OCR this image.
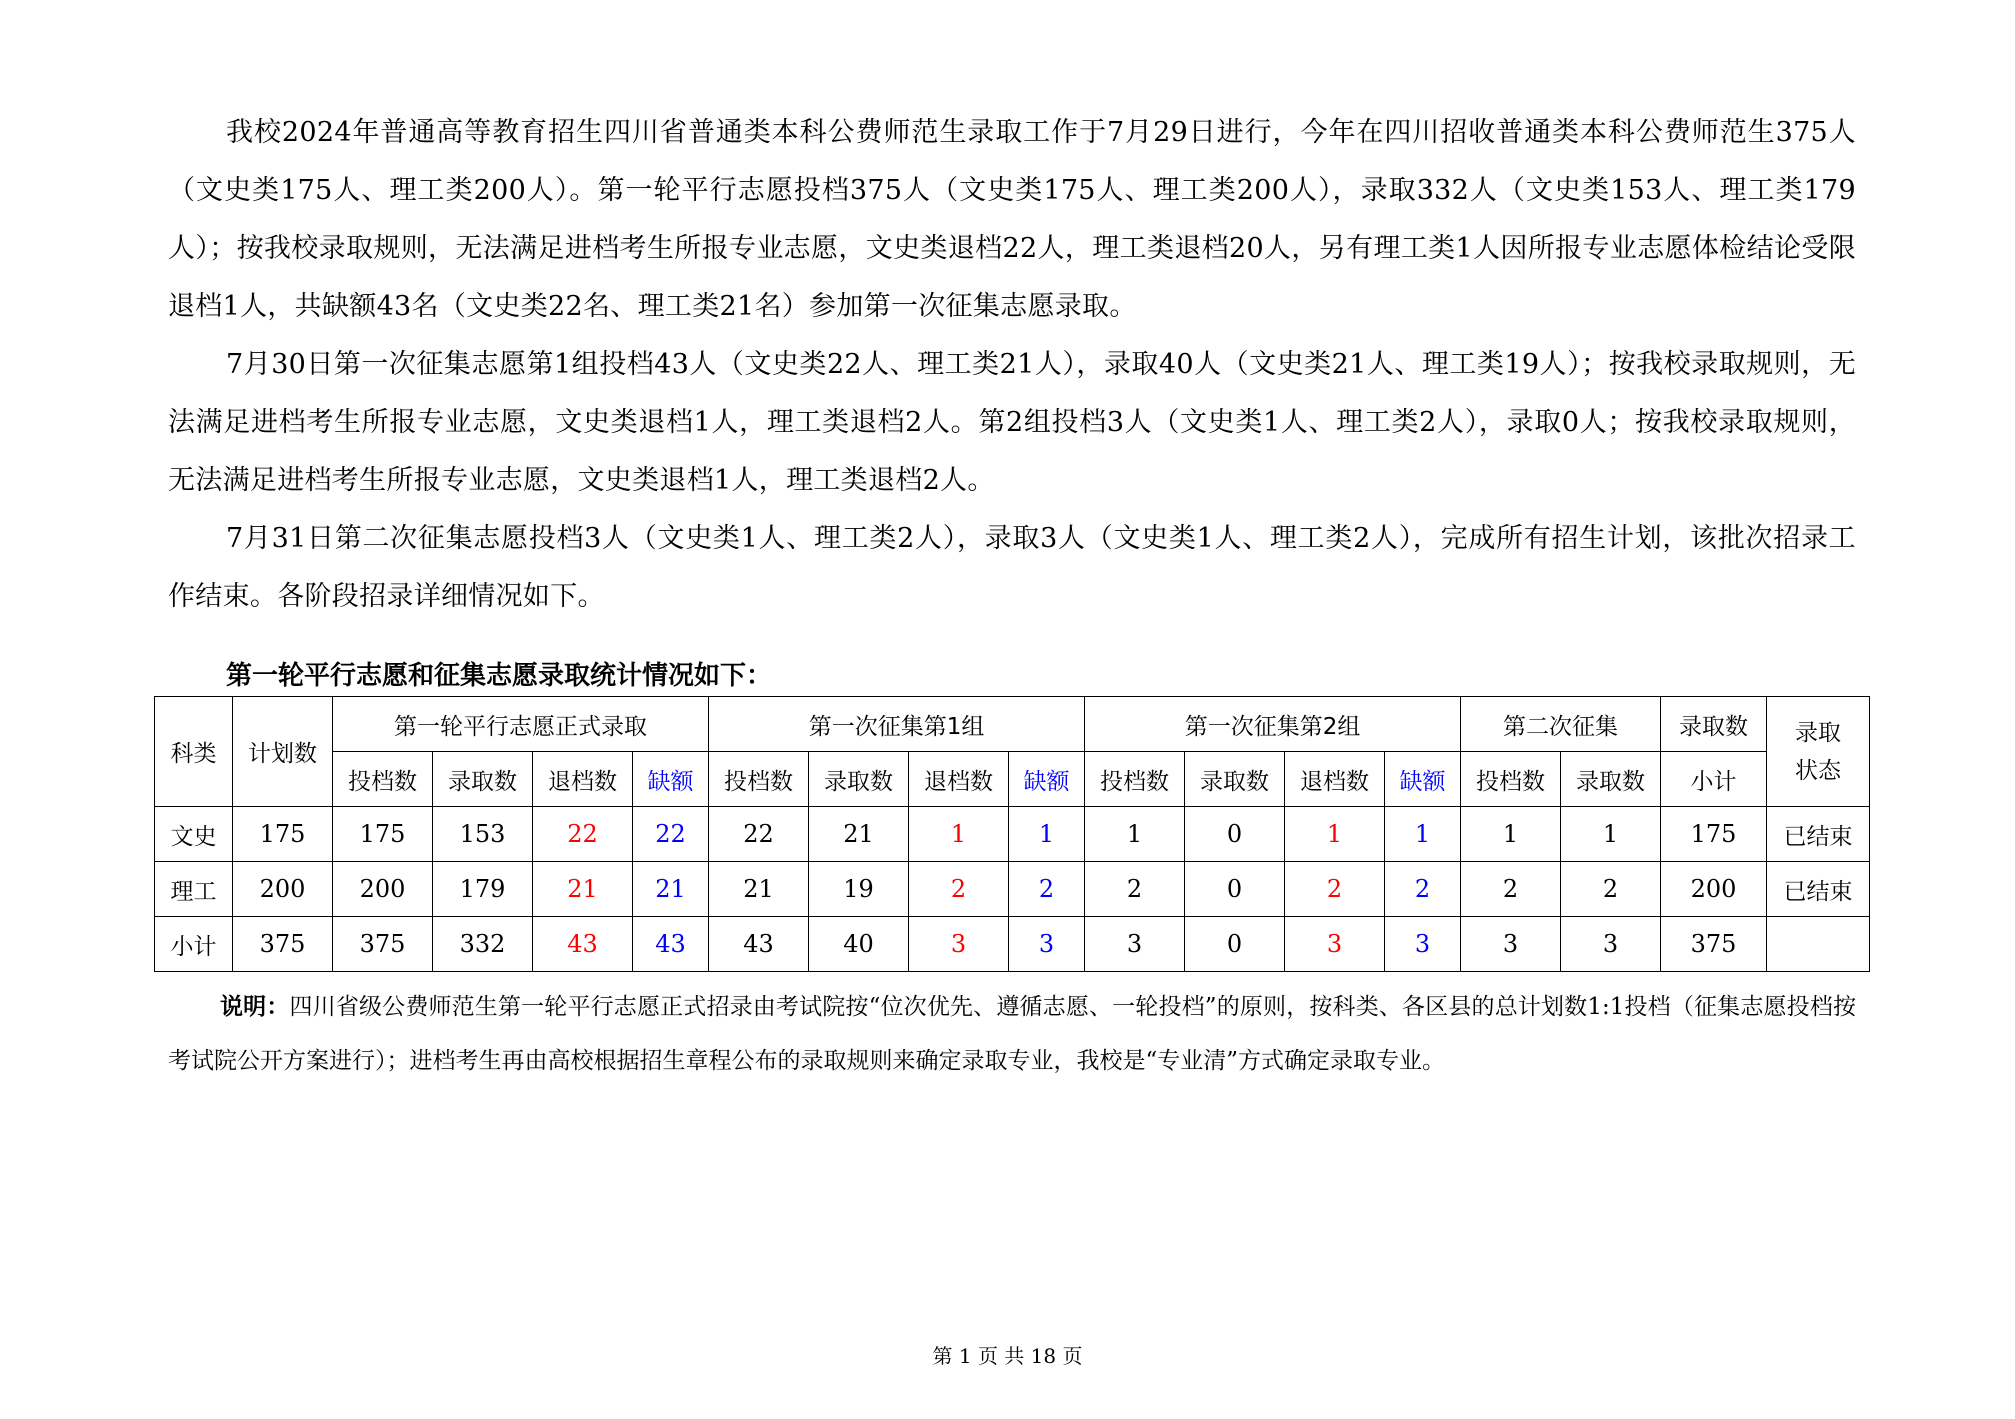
我校2024年普通高等教育招生四川省普通类本科公费师范生录取工作于7月29日进行，今年在四川招收普通类本科公费师范生375人（文史类175人、理工类200人）。第一轮平行志愿投档375人（文史类175人、理工类200人），录取332人（文史类153人、理工类179人）；按我校录取规则，无法满足进档考生所报专业志愿，文史类退档22人，理工类退档20人，另有理工类1人因所报专业志愿体检结论受限退档1人，共缺额43名（文史类22名、理工类21名）参加第一次征集志愿录取。

7月30日第一次征集志愿第1组投档43人（文史类22人、理工类21人），录取40人（文史类21人、理工类19人）；按我校录取规则，无法满足进档考生所报专业志愿，文史类退档1人，理工类退档2人。第2组投档3人（文史类1人、理工类2人），录取0人；按我校录取规则，无法满足进档考生所报专业志愿，文史类退档1人，理工类退档2人。

7月31日第二次征集志愿投档3人（文史类1人、理工类2人），录取3人（文史类1人、理工类2人），完成所有招生计划，该批次招录工作结束。各阶段招录详细情况如下。

第一轮平行志愿和征集志愿录取统计情况如下：

科类	计划数	第一轮平行志愿正式录取				第一次征集第1组				第一次征集第2组				第二次征集		录取数	录取
状态
		投档数	录取数	退档数	缺额	投档数	录取数	退档数	缺额	投档数	录取数	退档数	缺额	投档数	录取数	小计	
文史	175	175	153	22	22	22	21	1	1	1	0	1	1	1	1	175	已结束
理工	200	200	179	21	21	21	19	2	2	2	0	2	2	2	2	200	已结束
小计	375	375	332	43	43	43	40	3	3	3	0	3	3	3	3	375	

说明：四川省级公费师范生第一轮平行志愿正式招录由考试院按“位次优先、遵循志愿、一轮投档”的原则，按科类、各区县的总计划数1:1投档（征集志愿投档按考试院公开方案进行）；进档考生再由高校根据招生章程公布的录取规则来确定录取专业，我校是“专业清”方式确定录取专业。

第 1 页 共 18 页
